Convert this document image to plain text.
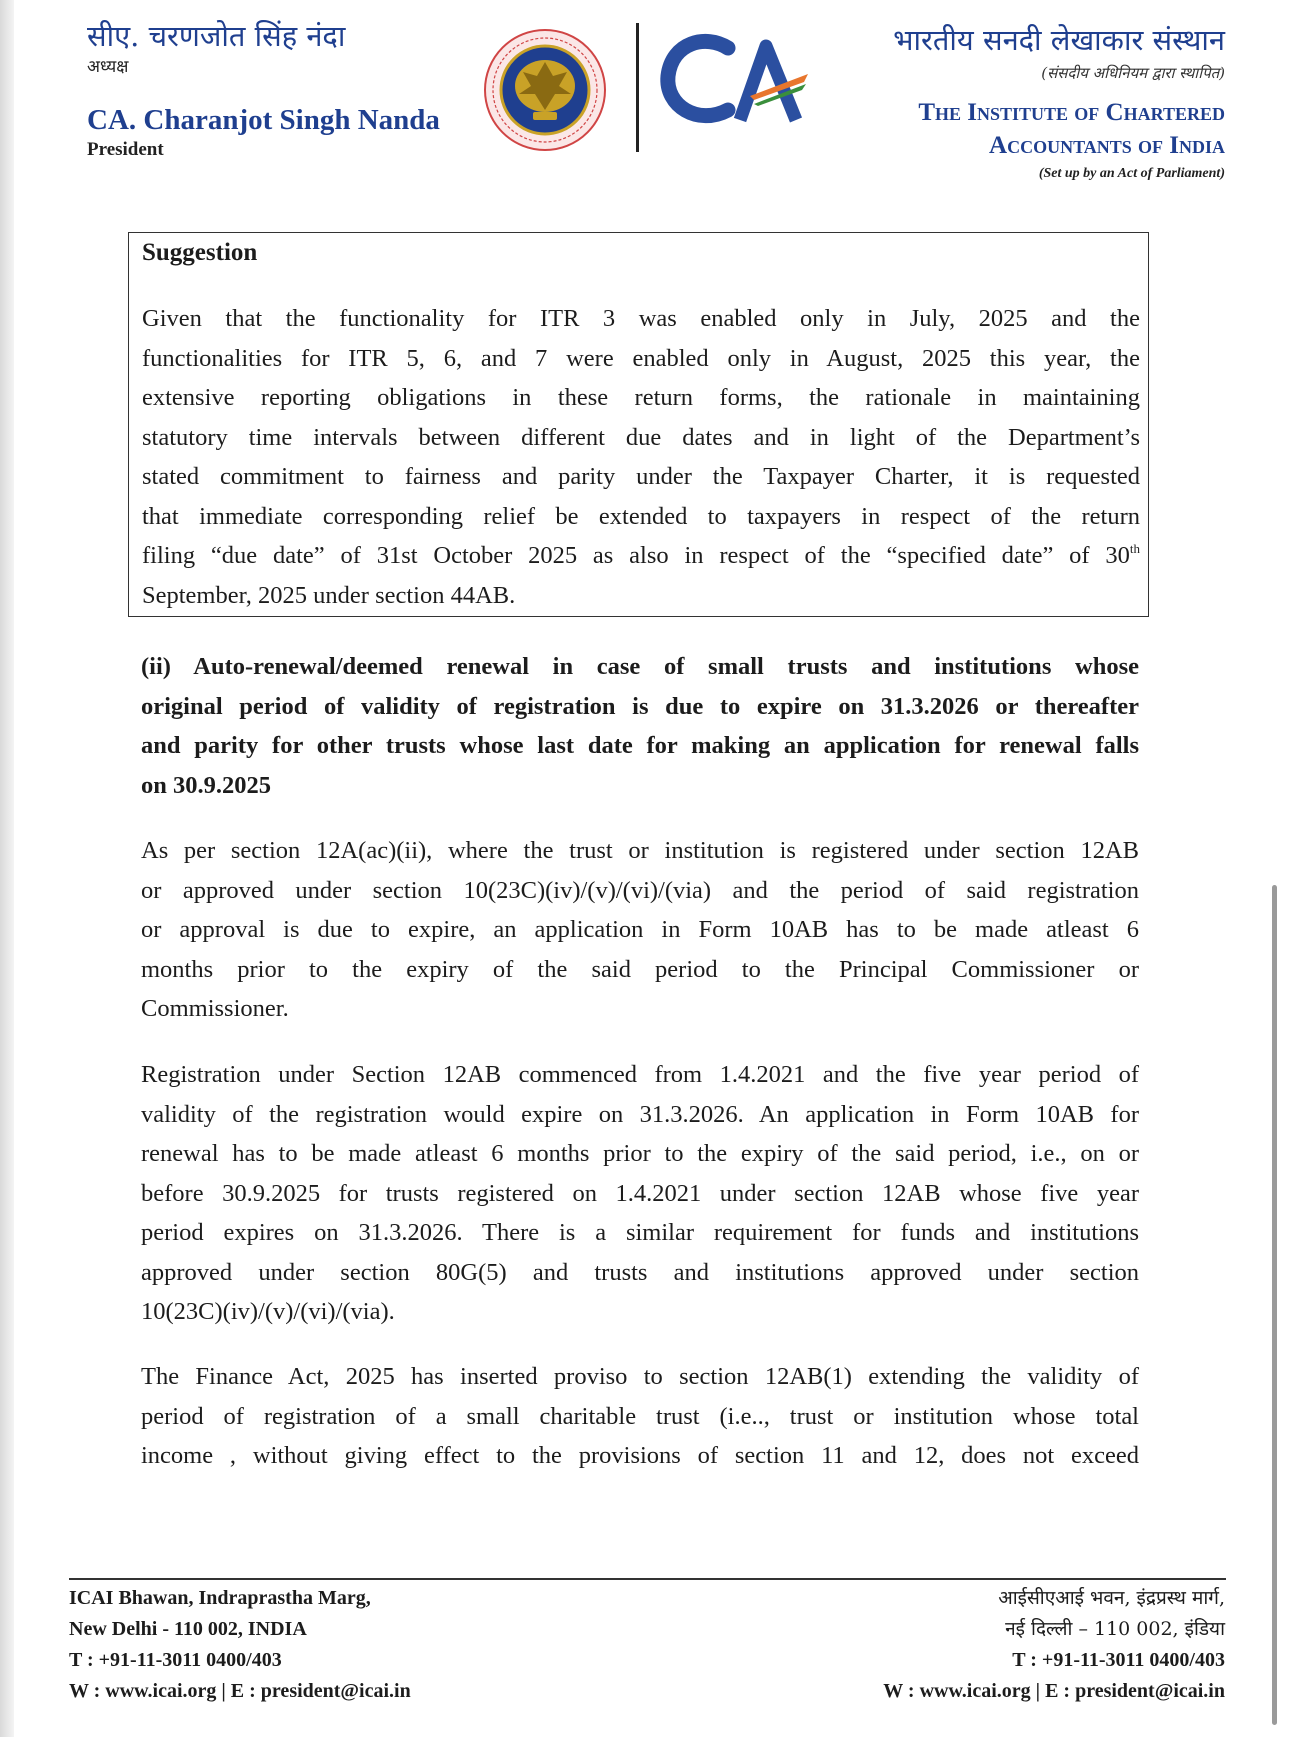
सीए. चरणजोत सिंह नंदा
अध्यक्ष
CA. Charanjot Singh Nanda
President
भारतीय सनदी लेखाकार संस्थान
(संसदीय अधिनियम द्वारा स्थापित)
The Institute of Chartered
Accountants of India
(Set up by an Act of Parliament)
Suggestion
Given that the functionality for ITR 3 was enabled only in July, 2025 and the
functionalities for ITR 5, 6, and 7 were enabled only in August, 2025 this year, the
extensive reporting obligations in these return forms, the rationale in maintaining
statutory time intervals between different due dates and in light of the Department’s
stated commitment to fairness and parity under the Taxpayer Charter, it is requested
that immediate corresponding relief be extended to taxpayers in respect of the return
filing “due date” of 31st October 2025 as also in respect of the “specified date” of 30th
September, 2025 under section 44AB.
(ii) Auto-renewal/deemed renewal in case of small trusts and institutions whose
original period of validity of registration is due to expire on 31.3.2026 or thereafter
and parity for other trusts whose last date for making an application for renewal falls
on 30.9.2025
As per section 12A(ac)(ii), where the trust or institution is registered under section 12AB
or approved under section 10(23C)(iv)/(v)/(vi)/(via) and the period of said registration
or approval is due to expire, an application in Form 10AB has to be made atleast 6
months prior to the expiry of the said period to the Principal Commissioner or
Commissioner.
Registration under Section 12AB commenced from 1.4.2021 and the five year period of
validity of the registration would expire on 31.3.2026. An application in Form 10AB for
renewal has to be made atleast 6 months prior to the expiry of the said period, i.e., on or
before 30.9.2025 for trusts registered on 1.4.2021 under section 12AB whose five year
period expires on 31.3.2026. There is a similar requirement for funds and institutions
approved under section 80G(5) and trusts and institutions approved under section
10(23C)(iv)/(v)/(vi)/(via).
The Finance Act, 2025 has inserted proviso to section 12AB(1) extending the validity of
period of registration of a small charitable trust (i.e.., trust or institution whose total
income , without giving effect to the provisions of section 11 and 12, does not exceed
ICAI Bhawan, Indraprastha Marg,
New Delhi - 110 002, INDIA
T : +91-11-3011 0400/403
W : www.icai.org | E : president@icai.in
आईसीएआई भवन, इंद्रप्रस्थ मार्ग,
नई दिल्ली – 110 002, इंडिया
T : +91-11-3011 0400/403
W : www.icai.org | E : president@icai.in
